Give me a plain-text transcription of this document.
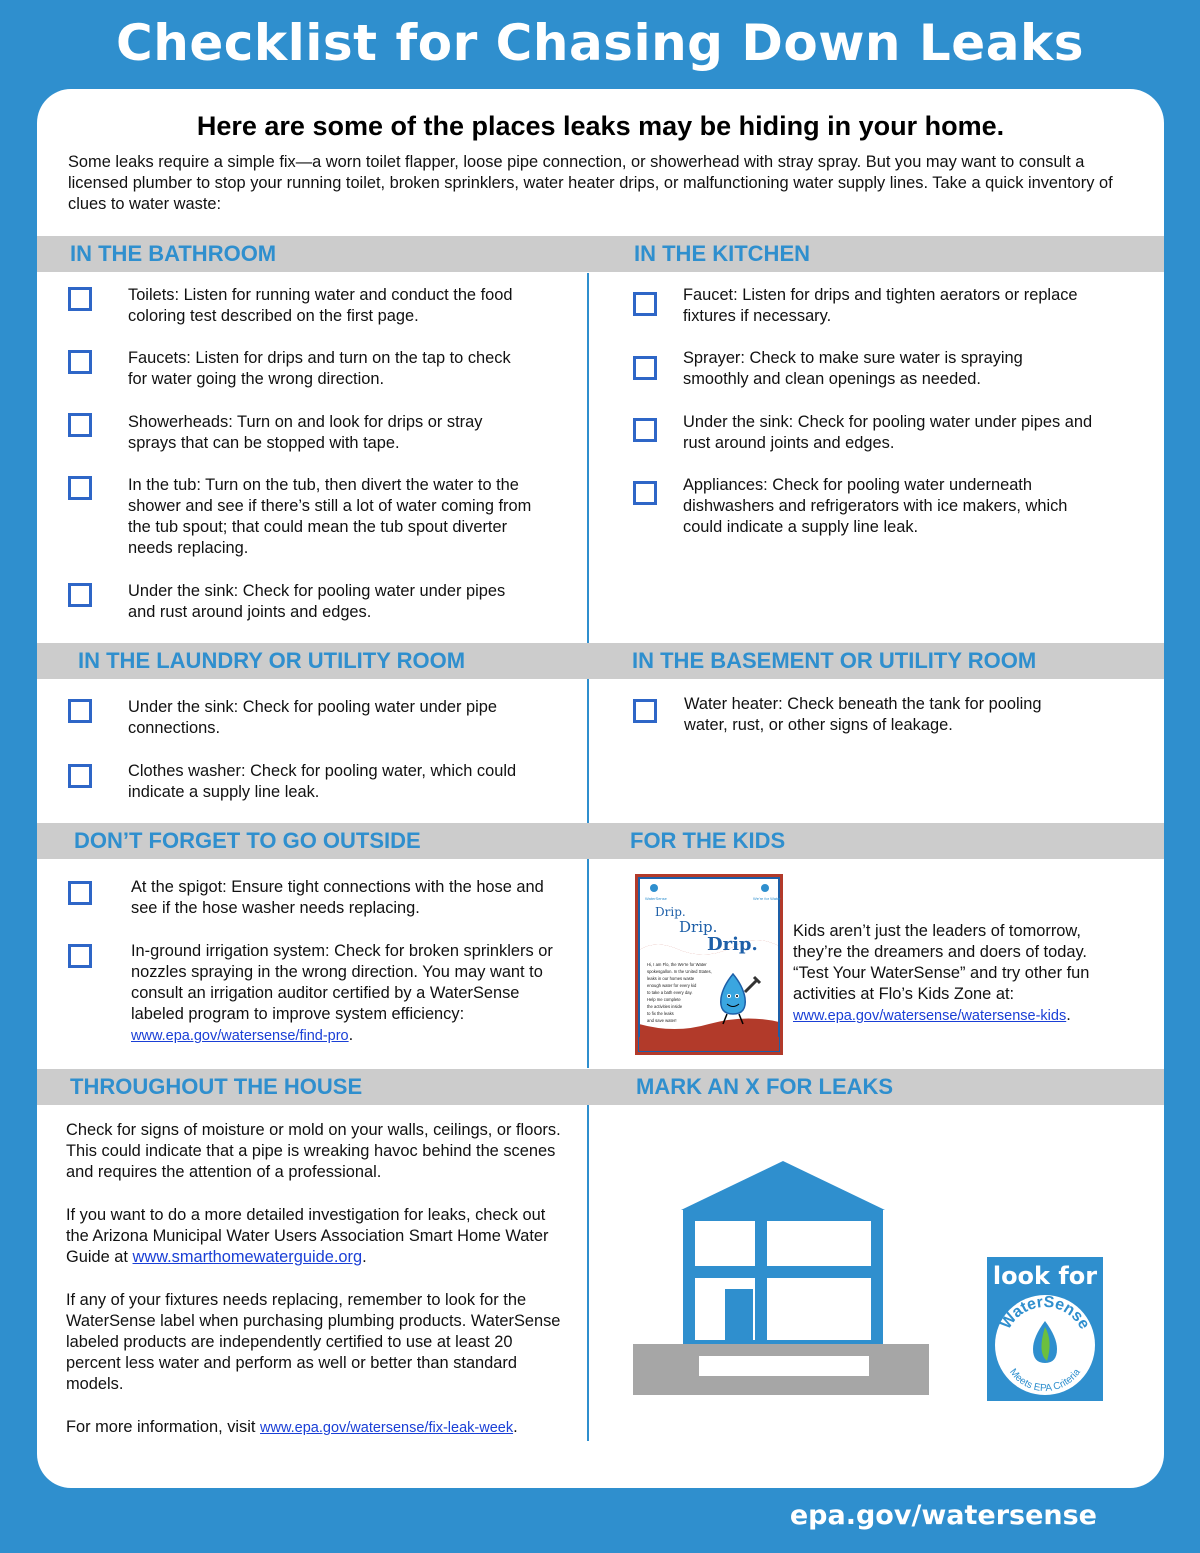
Checklist for Chasing Down Leaks
Here are some of the places leaks may be hiding in your home.
Some leaks require a simple fix—a worn toilet flapper, loose pipe connection, or showerhead with stray spray. But you may want to consult a licensed plumber to stop your running toilet, broken sprinklers, water heater drips, or malfunctioning water supply lines. Take a quick inventory of clues to water waste:
IN THE BATHROOM	IN THE KITCHEN
Toilets: Listen for running water and conduct the food coloring test described on the first page.
Faucets: Listen for drips and turn on the tap to check for water going the wrong direction.
Showerheads: Turn on and look for drips or stray sprays that can be stopped with tape.
In the tub: Turn on the tub, then divert the water to the shower and see if there’s still a lot of water coming from the tub spout; that could mean the tub spout diverter needs replacing.
Under the sink: Check for pooling water under pipes and rust around joints and edges.
Faucet: Listen for drips and tighten aerators or replace fixtures if necessary.
Sprayer: Check to make sure water is spraying smoothly and clean openings as needed.
Under the sink: Check for pooling water under pipes and rust around joints and edges.
Appliances: Check for pooling water underneath dishwashers and refrigerators with ice makers, which could indicate a supply line leak.
IN THE LAUNDRY OR UTILITY ROOM	IN THE BASEMENT OR UTILITY ROOM
Under the sink: Check for pooling water under pipe connections.
Clothes washer: Check for pooling water, which could indicate a supply line leak.
Water heater: Check beneath the tank for pooling water, rust, or other signs of leakage.
DON’T FORGET TO GO OUTSIDE	FOR THE KIDS
At the spigot: Ensure tight connections with the hose and see if the hose washer needs replacing.
In-ground irrigation system: Check for broken sprinklers or nozzles spraying in the wrong direction. You may want to consult an irrigation auditor certified by a WaterSense labeled program to improve system efficiency: www.epa.gov/watersense/find-pro.
WaterSense	We're for Water
Drip.
Drip.
Drip.
Hi, I am Flo, the We're for Water
spokesgallon. In the United States,
leaks in our homes waste
enough water for every kid
to take a bath every day.
Help me complete
the activities inside
to fix the leaks
and save water!
Kids aren’t just the leaders of tomorrow, they’re the dreamers and doers of today. “Test Your WaterSense” and try other fun activities at Flo’s Kids Zone at:
www.epa.gov/watersense/watersense-kids.
THROUGHOUT THE HOUSE	MARK AN X FOR LEAKS
Check for signs of moisture or mold on your walls, ceilings, or floors. This could indicate that a pipe is wreaking havoc behind the scenes and requires the attention of a professional.
If you want to do a more detailed investigation for leaks, check out the Arizona Municipal Water Users Association Smart Home Water Guide at www.smarthomewaterguide.org.
If any of your fixtures needs replacing, remember to look for the WaterSense label when purchasing plumbing products. WaterSense labeled products are independently certified to use at least 20 percent less water and perform as well or better than standard models.
For more information, visit www.epa.gov/watersense/fix-leak-week.
look for
WaterSense
Meets EPA Criteria
epa.gov/watersense
